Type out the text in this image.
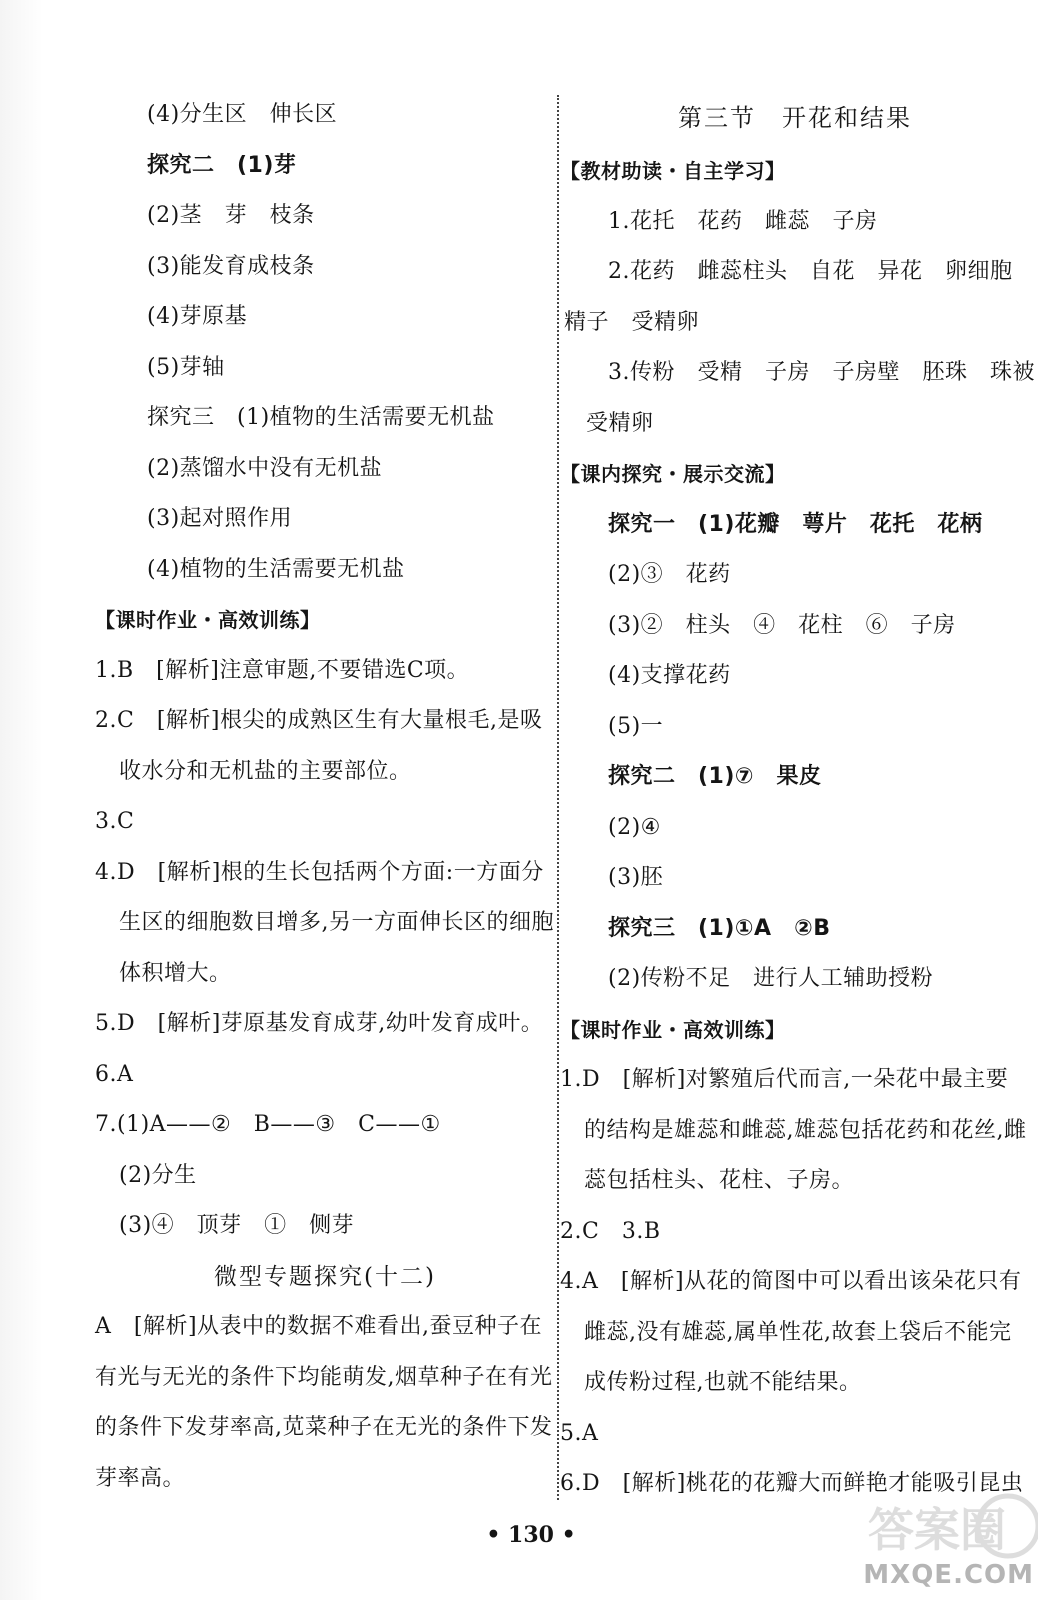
(4)分生区　伸长区
探究二　(1)芽
(2)茎　芽　枝条
(3)能发育成枝条
(4)芽原基
(5)芽轴
探究三　(1)植物的生活需要无机盐
(2)蒸馏水中没有无机盐
(3)起对照作用
(4)植物的生活需要无机盐
【课时作业・高效训练】
1.B　[解析]注意审题,不要错选C项。
2.C　[解析]根尖的成熟区生有大量根毛,是吸
收水分和无机盐的主要部位。
3.C
4.D　[解析]根的生长包括两个方面:一方面分
生区的细胞数目增多,另一方面伸长区的细胞
体积增大。
5.D　[解析]芽原基发育成芽,幼叶发育成叶。
6.A
7.(1)A——②　B——③　C——①
(2)分生
(3)④　顶芽　①　侧芽
微型专题探究(十二)
A　[解析]从表中的数据不难看出,蚕豆种子在
有光与无光的条件下均能萌发,烟草种子在有光
的条件下发芽率高,苋菜种子在无光的条件下发
芽率高。
第三节　开花和结果
【教材助读・自主学习】
1.花托　花药　雌蕊　子房
2.花药　雌蕊柱头　自花　异花　卵细胞
精子　受精卵
3.传粉　受精　子房　子房壁　胚珠　珠被
受精卵
【课内探究・展示交流】
探究一　(1)花瓣　萼片　花托　花柄
(2)③　花药
(3)②　柱头　④　花柱　⑥　子房
(4)支撑花药
(5)一
探究二　(1)⑦　果皮
(2)④
(3)胚
探究三　(1)①A　②B
(2)传粉不足　进行人工辅助授粉
【课时作业・高效训练】
1.D　[解析]对繁殖后代而言,一朵花中最主要
的结构是雄蕊和雌蕊,雄蕊包括花药和花丝,雌
蕊包括柱头、花柱、子房。
2.C　3.B
4.A　[解析]从花的简图中可以看出该朵花只有
雌蕊,没有雄蕊,属单性花,故套上袋后不能完
成传粉过程,也就不能结果。
5.A
6.D　[解析]桃花的花瓣大而鲜艳才能吸引昆虫
• 130 •	答案圈
MXQE.COM
